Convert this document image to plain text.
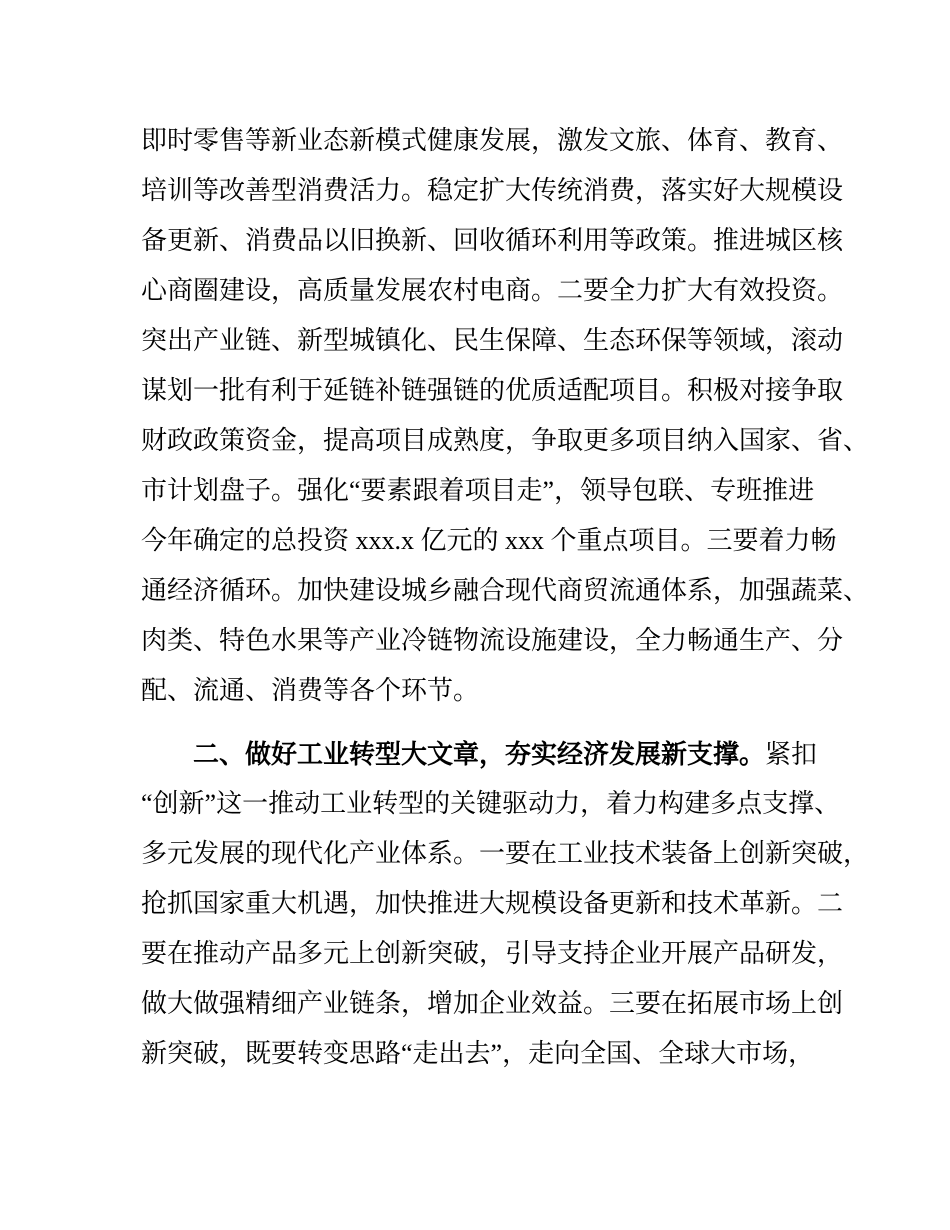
即时零售等新业态新模式健康发展，激发文旅、体育、教育、
培训等改善型消费活力。稳定扩大传统消费，落实好大规模设
备更新、消费品以旧换新、回收循环利用等政策。推进城区核
心商圈建设，高质量发展农村电商。二要全力扩大有效投资。
突出产业链、新型城镇化、民生保障、生态环保等领域，滚动
谋划一批有利于延链补链强链的优质适配项目。积极对接争取
财政政策资金，提高项目成熟度，争取更多项目纳入国家、省、
市计划盘子。强化“要素跟着项目走”，领导包联、专班推进
今年确定的总投资 xxx.x 亿元的 xxx 个重点项目。三要着力畅
通经济循环。加快建设城乡融合现代商贸流通体系，加强蔬菜、
肉类、特色水果等产业冷链物流设施建设，全力畅通生产、分
配、流通、消费等各个环节。
二、做好工业转型大文章，夯实经济发展新支撑。紧扣
“创新”这一推动工业转型的关键驱动力，着力构建多点支撑、
多元发展的现代化产业体系。一要在工业技术装备上创新突破，
抢抓国家重大机遇，加快推进大规模设备更新和技术革新。二
要在推动产品多元上创新突破，引导支持企业开展产品研发，
做大做强精细产业链条，增加企业效益。三要在拓展市场上创
新突破，既要转变思路“走出去”，走向全国、全球大市场，
